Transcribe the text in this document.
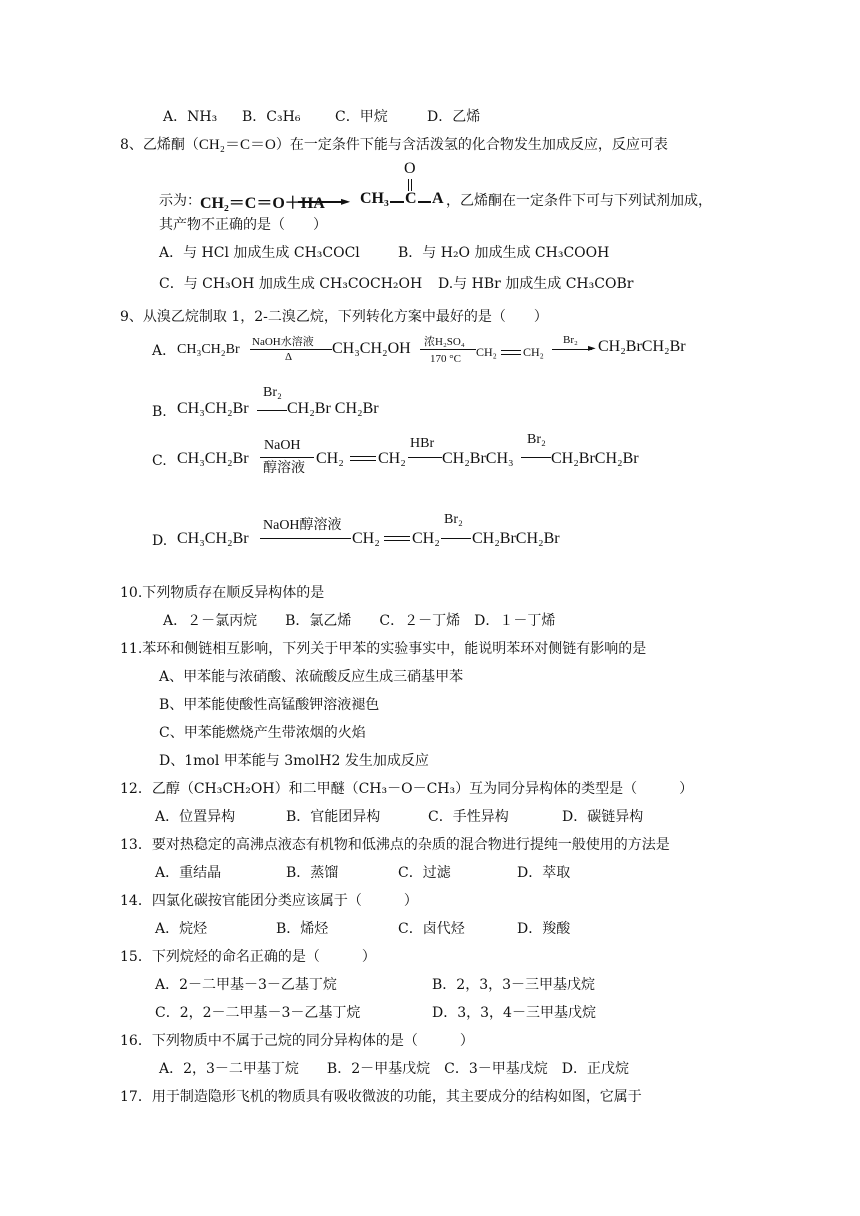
A．NH₃ B．C₃H₆ C．甲烷	D．乙烯
8、乙烯酮（CH₂＝C＝O）在一定条件下能与含活泼氢的化合物发生加成反应，反应可表
示为： CH₂＝C＝O＋HA ► CH₃ C A
O
，乙烯酮在一定条件下可与下列试剂加成，
其产物不正确的是（　　）
A．与 HCl 加成生成 CH₃COCl	B．与 H₂O 加成生成 CH₃COOH
C．与 CH₃OH 加成生成 CH₃COCH₂OH D.与 HBr 加成生成 CH₃COBr
9、从溴乙烷制取 1，2-二溴乙烷，下列转化方案中最好的是（　　）
A． CH₃CH₂Br NaOH水溶液
Δ CH₃CH₂OH 浓H₂SO₄
170 °C CH₂ CH₂
Br₂
► CH₂BrCH₂Br
B. CH₃CH₂Br
Br₂
CH₂Br CH₂Br
C. CH₃CH₂Br
NaOH
醇溶液
CH₂ CH₂
HBr
CH₂BrCH₃
Br₂
CH₂BrCH₂Br
D. CH₃CH₂Br
NaOH醇溶液
CH₂ CH₂
Br₂
CH₂BrCH₂Br
10.下列物质存在顺反异构体的是
A．２－氯丙烷　　B．氯乙烯　　C．２－丁烯　D．１－丁烯
11.苯环和侧链相互影响，下列关于甲苯的实验事实中，能说明苯环对侧链有影响的是
A、甲苯能与浓硝酸、浓硫酸反应生成三硝基甲苯
B、甲苯能使酸性高锰酸钾溶液褪色
C、甲苯能燃烧产生带浓烟的火焰
D、1mol 甲苯能与 3molH2 发生加成反应
12．乙醇（CH₃CH₂OH）和二甲醚（CH₃－O－CH₃）互为同分异构体的类型是（　　　）
A．位置异构	B．官能团异构	C．手性异构	D．碳链异构
13．要对热稳定的高沸点液态有机物和低沸点的杂质的混合物进行提纯一般使用的方法是
A．重结晶	B．蒸馏	C．过滤	D．萃取
14．四氯化碳按官能团分类应该属于（　　　）
A．烷烃	B．烯烃	C．卤代烃	D．羧酸
15．下列烷烃的命名正确的是（　　　）
A．2－二甲基－3－乙基丁烷	B．2，3，3－三甲基戊烷
C．2，2－二甲基－3－乙基丁烷	D．3，3，4－三甲基戊烷
16．下列物质中不属于己烷的同分异构体的是（　　　）
A．2，3－二甲基丁烷　　B．2－甲基戊烷　C．3－甲基戊烷　D．正戊烷
17．用于制造隐形飞机的物质具有吸收微波的功能，其主要成分的结构如图，它属于
